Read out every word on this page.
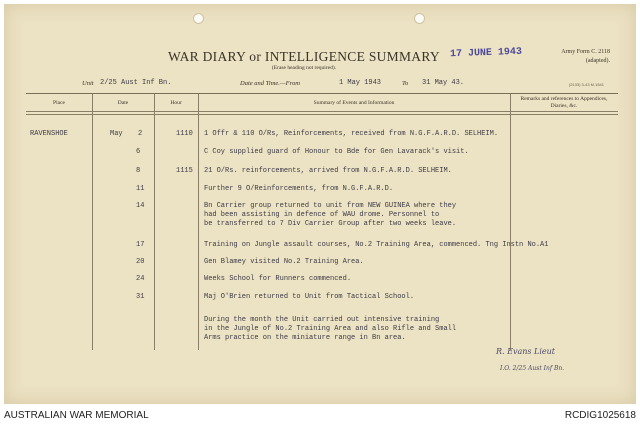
WAR DIARY or INTELLIGENCE SUMMARY
(Erase heading not required).
Army Form C. 2118
(adapted).
17 JUNE 1943
Unit 2/25 Aust Inf Bn.	Date and Time.—From	1 May 1943	To 31 May 43.	(2133) 3-43 M.1541
Place	Date	Hour	Summary of Events and Information
Remarks and references to Appendices, Diaries, &c.
RAVENSHOE	May 2	1110 1 Offr & 110 O/Rs, Reinforcements, received from N.G.F.A.R.D. SELHEIM.
6	C Coy supplied guard of Honour to Bde for Gen Lavarack's visit.
8	1115 21 O/Rs. reinforcements, arrived from N.G.F.A.R.D. SELHEIM.
11	Further 9 O/Reinforcements, from N.G.F.A.R.D.
14	Bn Carrier group returned to unit from NEW GUINEA where they
had been assisting in defence of WAU drome. Personnel to
be transferred to 7 Div Carrier Group after two weeks leave.
17	Training on Jungle assault courses, No.2 Training Area, commenced. Tng Instn No.A1
20	Gen Blamey visited No.2 Training Area.
24	Weeks School for Runners commenced.
31	Maj O'Brien returned to Unit from Tactical School.
During the month the Unit carried out intensive training
in the Jungle of No.2 Training Area and also Rifle and Small
Arms practice on the miniature range in Bn area.
R. Evans Lieut
I.O. 2/25 Aust Inf Bn.
AUSTRALIAN WAR MEMORIAL	RCDIG1025618
